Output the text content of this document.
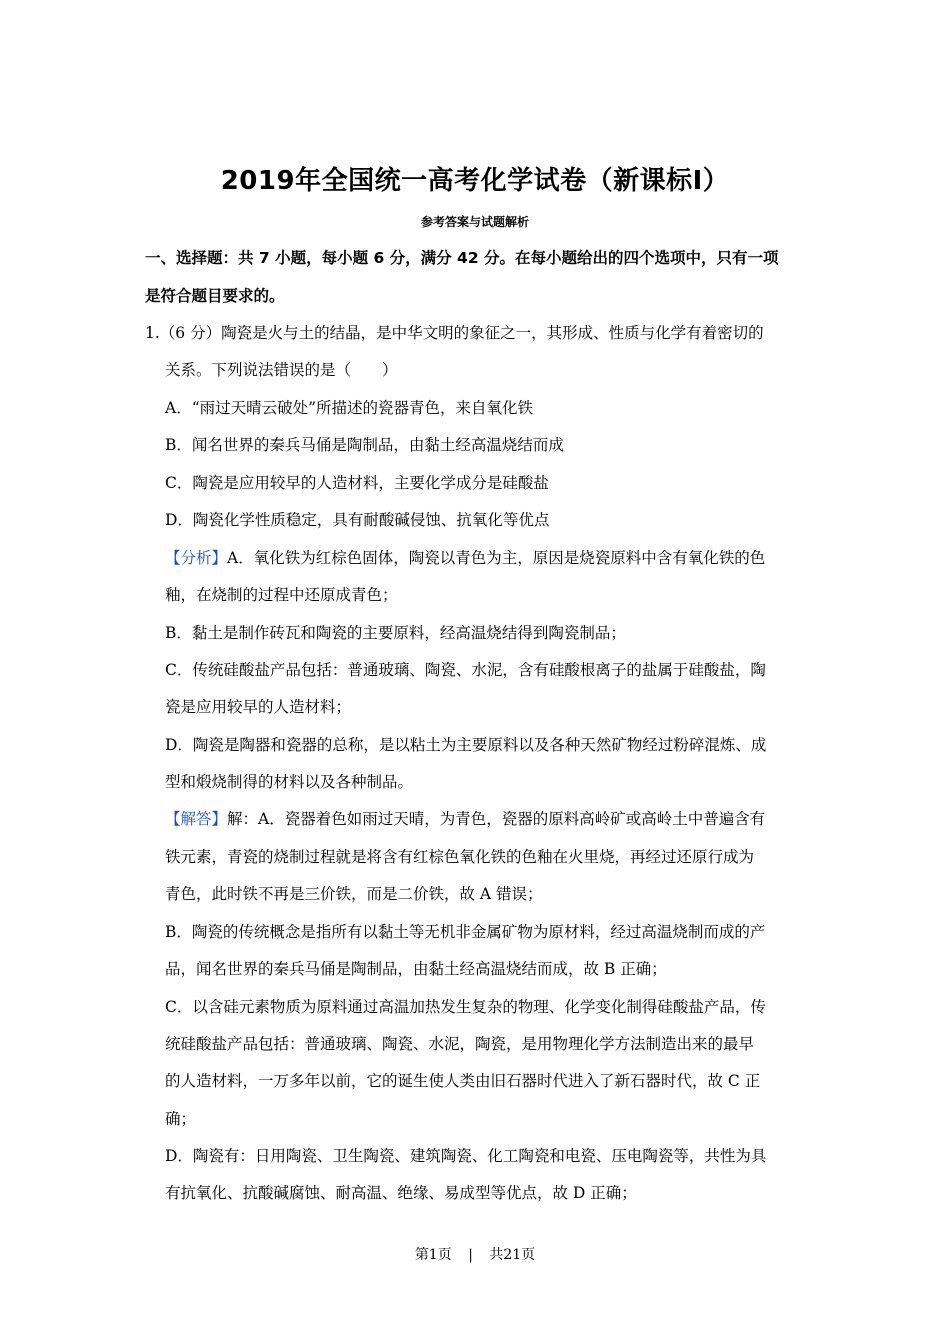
2019年全国统一高考化学试卷（新课标Ⅰ）
参考答案与试题解析
一、选择题：共 7 小题，每小题 6 分，满分 42 分。在每小题给出的四个选项中，只有一项
是符合题目要求的。
1.（6 分）陶瓷是火与土的结晶，是中华文明的象征之一，其形成、性质与化学有着密切的
关系。下列说法错误的是（　　）
A．“雨过天晴云破处”所描述的瓷器青色，来自氧化铁
B．闻名世界的秦兵马俑是陶制品，由黏土经高温烧结而成
C．陶瓷是应用较早的人造材料，主要化学成分是硅酸盐
D．陶瓷化学性质稳定，具有耐酸碱侵蚀、抗氧化等优点
【分析】A．氧化铁为红棕色固体，陶瓷以青色为主，原因是烧瓷原料中含有氧化铁的色
釉，在烧制的过程中还原成青色；
B．黏土是制作砖瓦和陶瓷的主要原料，经高温烧结得到陶瓷制品；
C．传统硅酸盐产品包括：普通玻璃、陶瓷、水泥，含有硅酸根离子的盐属于硅酸盐，陶
瓷是应用较早的人造材料；
D．陶瓷是陶器和瓷器的总称，是以粘土为主要原料以及各种天然矿物经过粉碎混炼、成
型和煅烧制得的材料以及各种制品。
【解答】解：A．瓷器着色如雨过天晴，为青色，瓷器的原料高岭矿或高岭土中普遍含有
铁元素，青瓷的烧制过程就是将含有红棕色氧化铁的色釉在火里烧，再经过还原行成为
青色，此时铁不再是三价铁，而是二价铁，故 A 错误；
B．陶瓷的传统概念是指所有以黏土等无机非金属矿物为原材料，经过高温烧制而成的产
品，闻名世界的秦兵马俑是陶制品，由黏土经高温烧结而成，故 B 正确；
C．以含硅元素物质为原料通过高温加热发生复杂的物理、化学变化制得硅酸盐产品，传
统硅酸盐产品包括：普通玻璃、陶瓷、水泥，陶瓷，是用物理化学方法制造出来的最早
的人造材料，一万多年以前，它的诞生使人类由旧石器时代进入了新石器时代，故 C 正
确；
D．陶瓷有：日用陶瓷、卫生陶瓷、建筑陶瓷、化工陶瓷和电瓷、压电陶瓷等，共性为具
有抗氧化、抗酸碱腐蚀、耐高温、绝缘、易成型等优点，故 D 正确；
第1页 | 共21页
